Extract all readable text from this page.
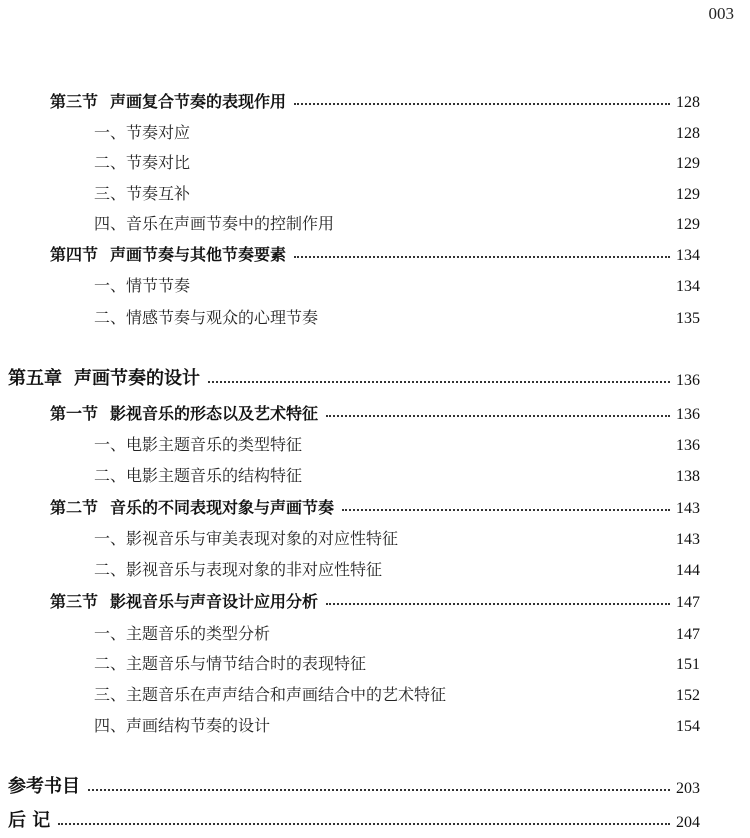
003
第三节 声画复合节奏的表现作用	128
一、节奏对应	128
二、节奏对比	129
三、节奏互补	129
四、音乐在声画节奏中的控制作用	129
第四节 声画节奏与其他节奏要素	134
一、情节节奏	134
二、情感节奏与观众的心理节奏	135
第五章 声画节奏的设计	136
第一节 影视音乐的形态以及艺术特征	136
一、电影主题音乐的类型特征	136
二、电影主题音乐的结构特征	138
第二节 音乐的不同表现对象与声画节奏	143
一、影视音乐与审美表现对象的对应性特征	143
二、影视音乐与表现对象的非对应性特征	144
第三节 影视音乐与声音设计应用分析	147
一、主题音乐的类型分析	147
二、主题音乐与情节结合时的表现特征	151
三、主题音乐在声声结合和声画结合中的艺术特征	152
四、声画结构节奏的设计	154
参考书目	203
后 记	204
